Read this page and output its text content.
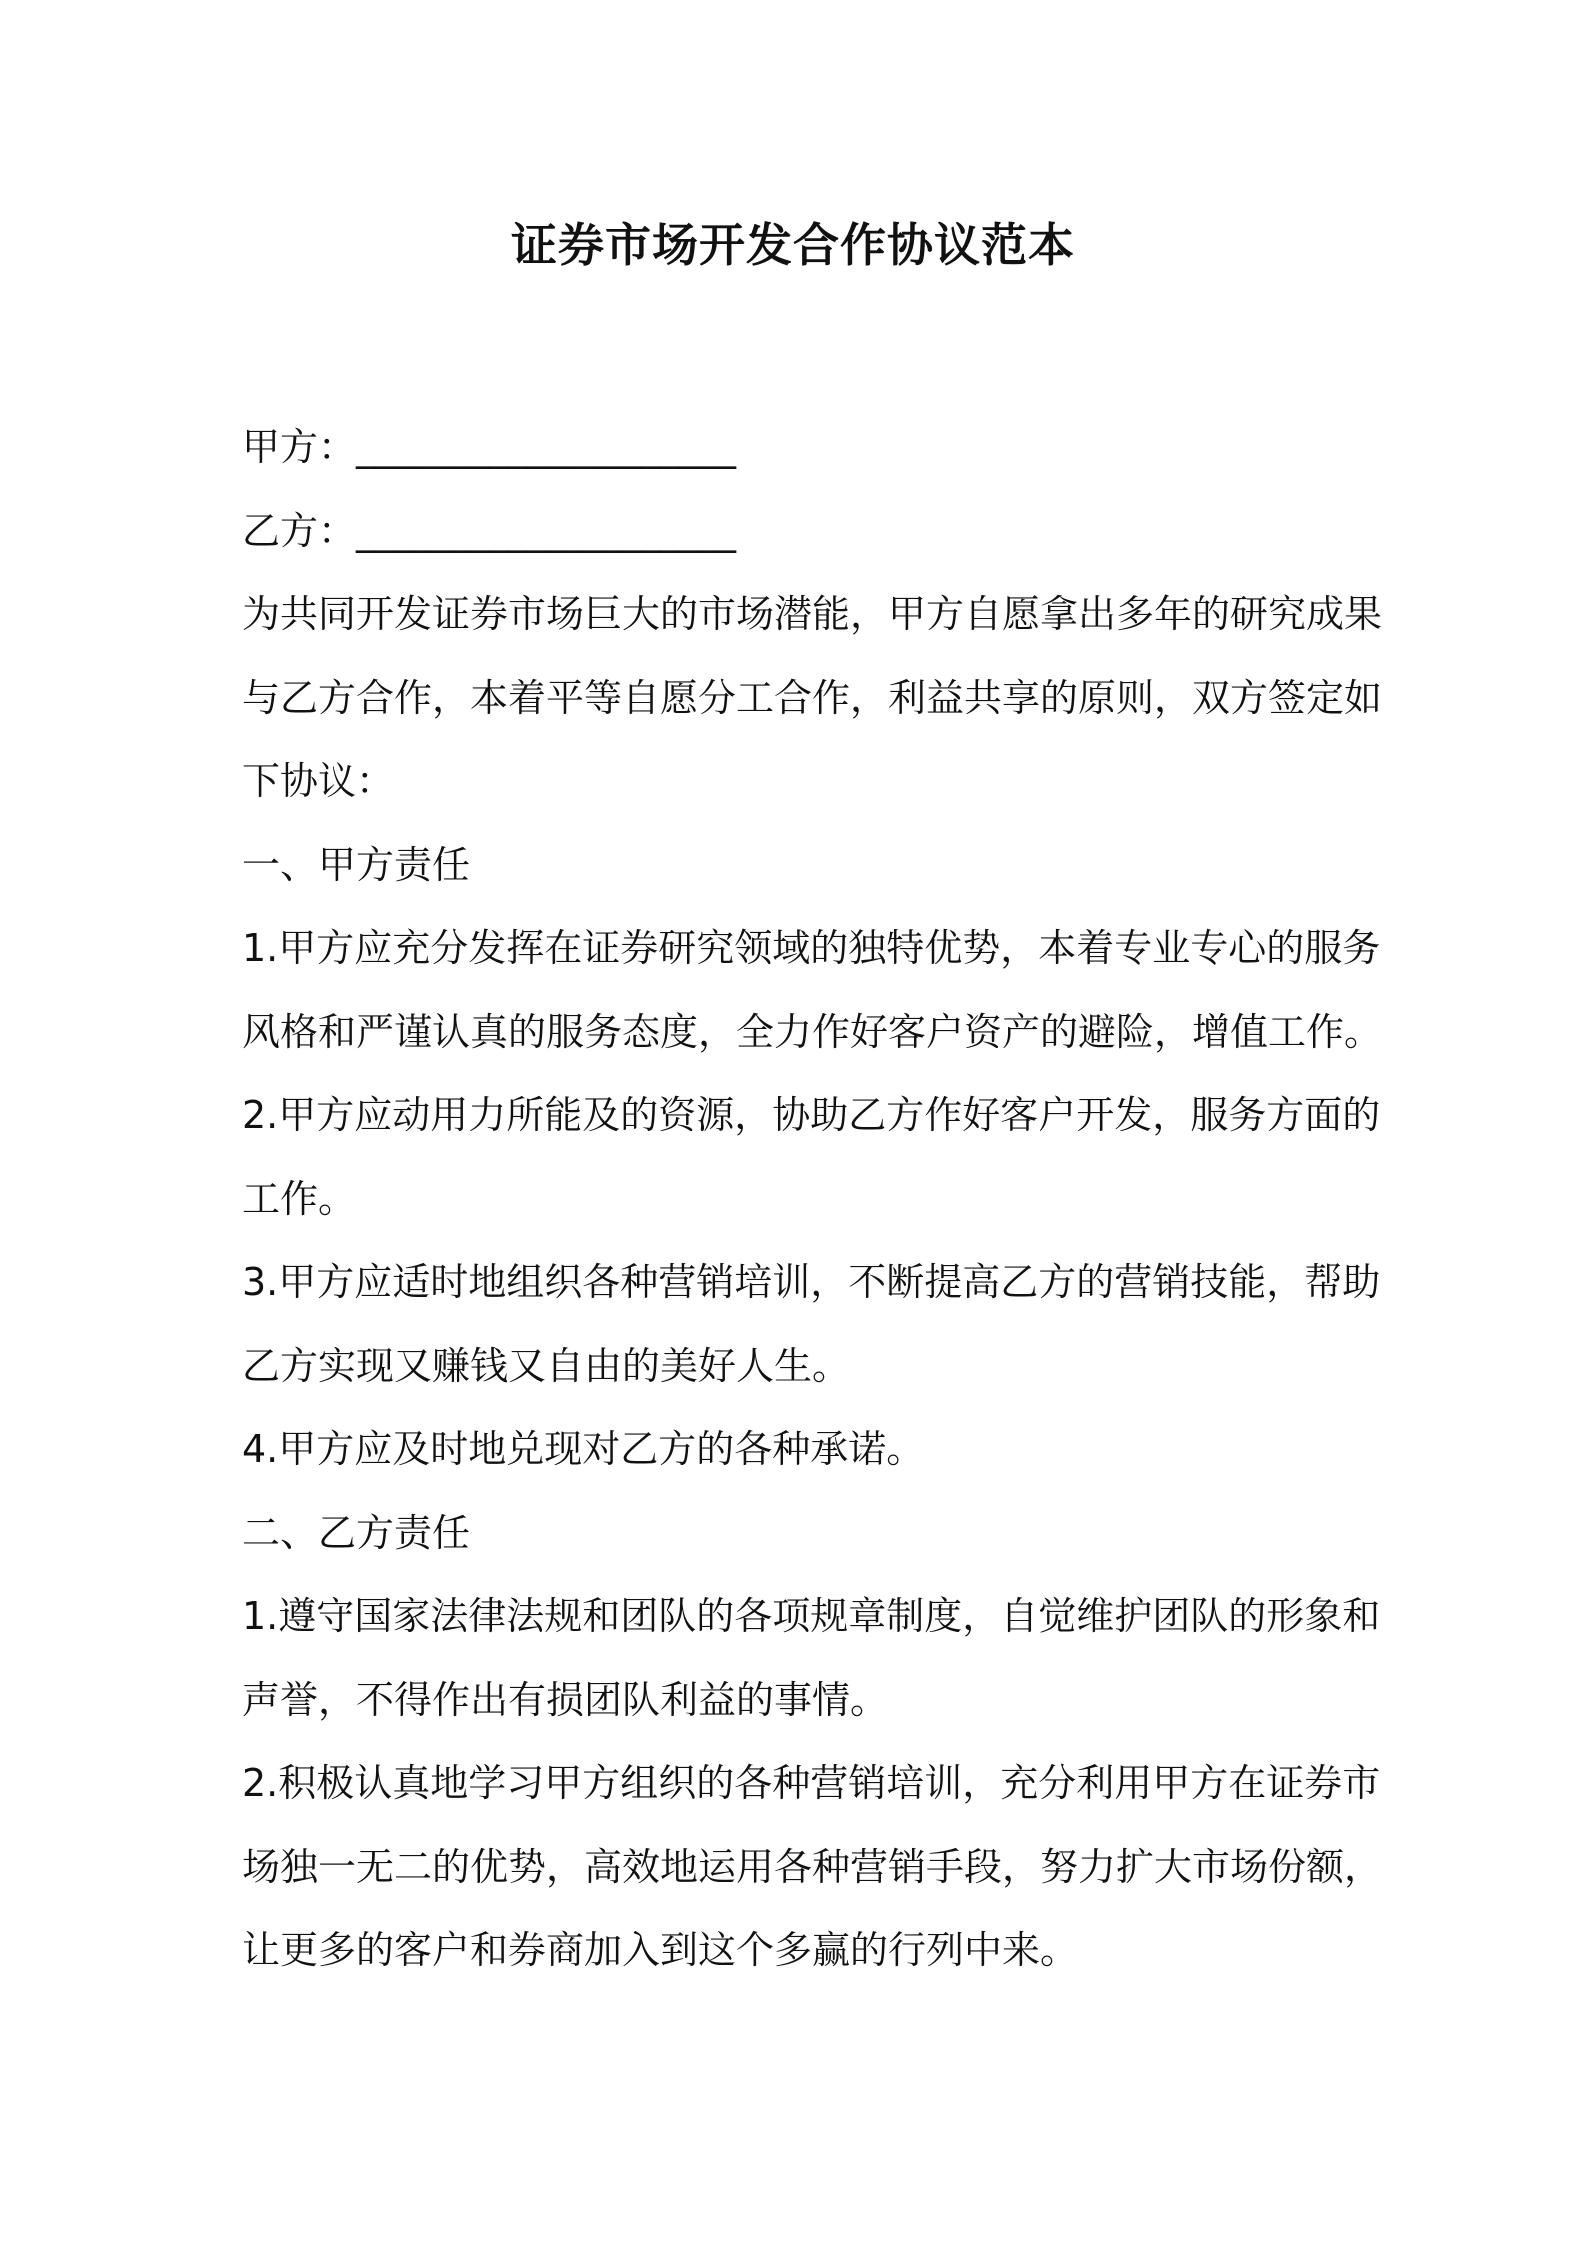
证券市场开发合作协议范本
甲方：____________________
乙方：____________________
为共同开发证券市场巨大的市场潜能，甲方自愿拿出多年的研究成果
与乙方合作，本着平等自愿分工合作，利益共享的原则，双方签定如
下协议：
一、甲方责任
1.甲方应充分发挥在证券研究领域的独特优势，本着专业专心的服务
风格和严谨认真的服务态度，全力作好客户资产的避险，增值工作。
2.甲方应动用力所能及的资源，协助乙方作好客户开发，服务方面的
工作。
3.甲方应适时地组织各种营销培训，不断提高乙方的营销技能，帮助
乙方实现又赚钱又自由的美好人生。
4.甲方应及时地兑现对乙方的各种承诺。
二、乙方责任
1.遵守国家法律法规和团队的各项规章制度，自觉维护团队的形象和
声誉，不得作出有损团队利益的事情。
2.积极认真地学习甲方组织的各种营销培训，充分利用甲方在证券市
场独一无二的优势，高效地运用各种营销手段，努力扩大市场份额，
让更多的客户和券商加入到这个多赢的行列中来。
